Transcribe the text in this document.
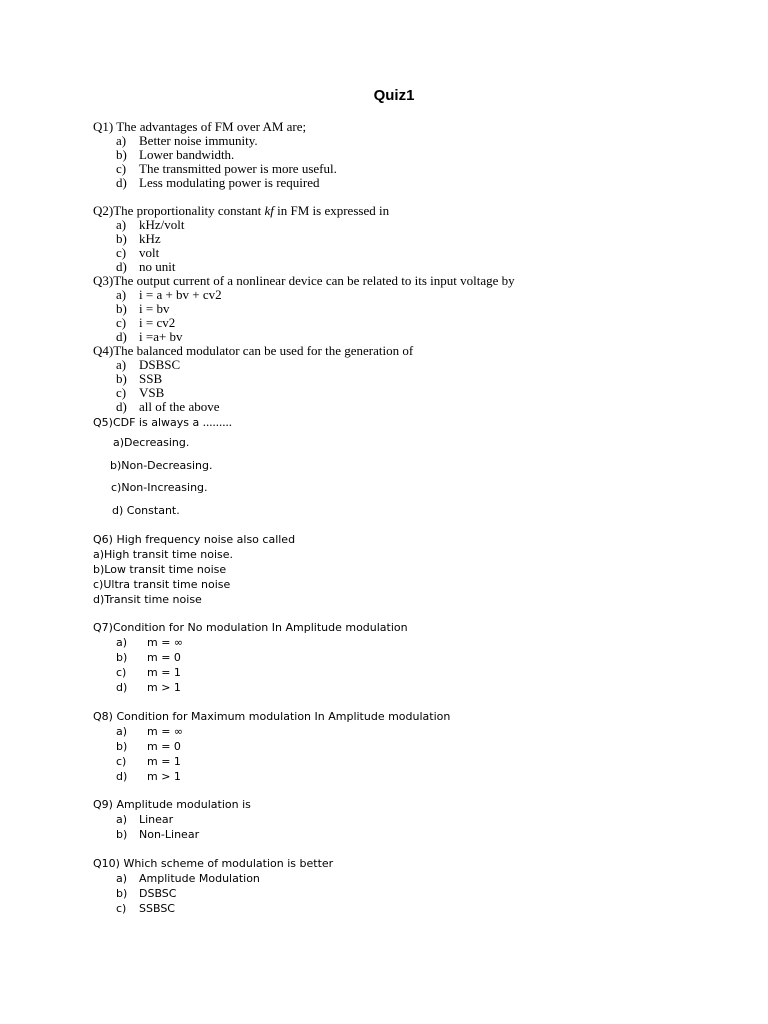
Quiz1
Q1) The advantages of FM over AM are;
a) Better noise immunity.
b) Lower bandwidth.
c) The transmitted power is more useful.
d) Less modulating power is required
Q2)The proportionality constant kf in FM is expressed in
a) kHz/volt
b) kHz
c) volt
d) no unit
Q3)The output current of a nonlinear device can be related to its input voltage by
a) i = a + bv + cv2
b) i = bv
c) i = cv2
d) i =a+ bv
Q4)The balanced modulator can be used for the generation of
a) DSBSC
b) SSB
c) VSB
d) all of the above
Q5)CDF is always a .........
a)Decreasing.
b)Non-Decreasing.
c)Non-Increasing.
d) Constant.
Q6) High frequency noise also called
a)High transit time noise.
b)Low transit time noise
c)Ultra transit time noise
d)Transit time noise
Q7)Condition for No modulation In Amplitude modulation
a) m = ∞
b) m = 0
c) m = 1
d) m > 1
Q8) Condition for Maximum modulation In Amplitude modulation
a) m = ∞
b) m = 0
c) m = 1
d) m > 1
Q9) Amplitude modulation is
a) Linear
b) Non-Linear
Q10) Which scheme of modulation is better
a) Amplitude Modulation
b) DSBSC
c) SSBSC
